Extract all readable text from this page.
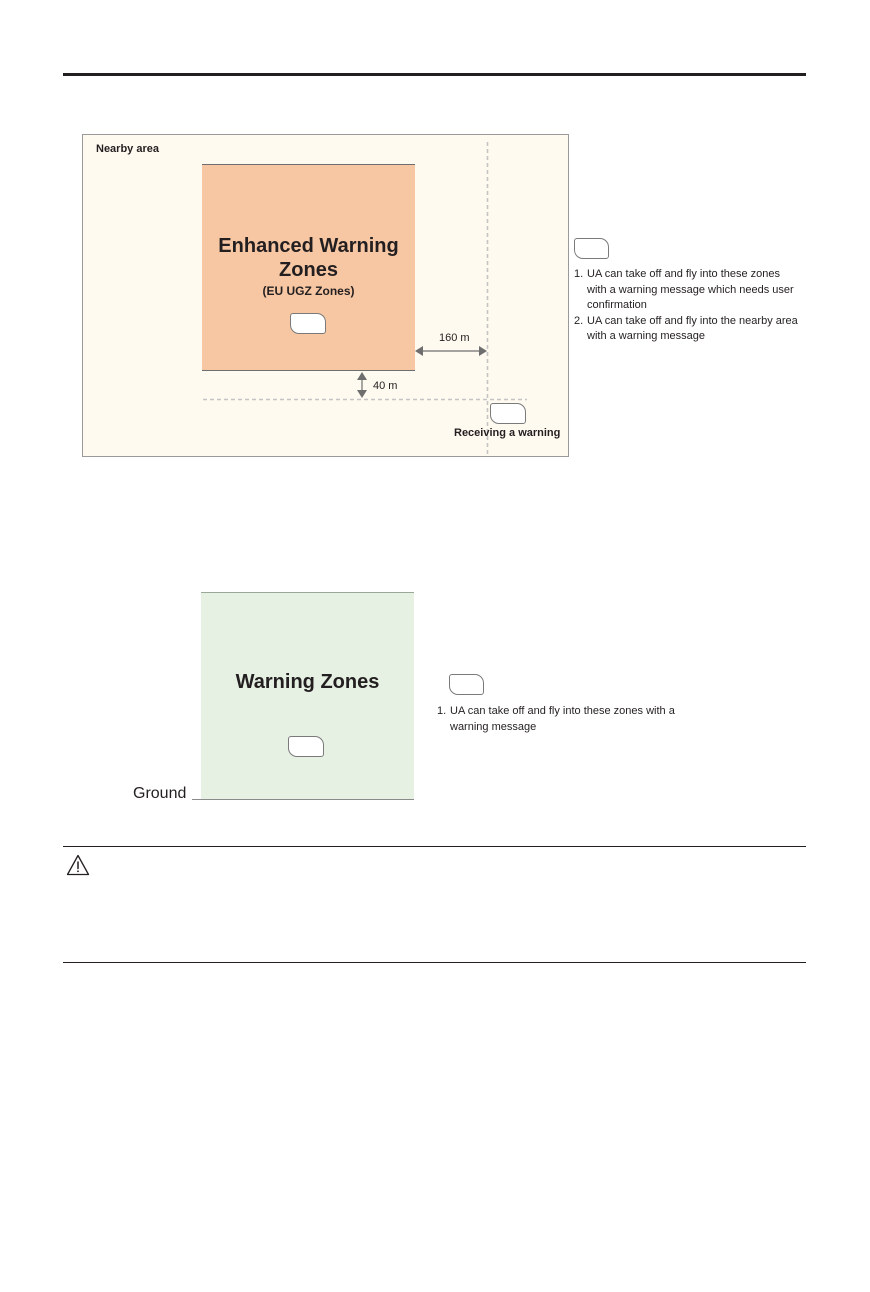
Nearby area
Enhanced Warning Zones
(EU UGZ Zones)
160 m
40 m
Receiving a warning
1. UA can take off and fly into these zones with a warning message which needs user confirmation
2. UA can take off and fly into the nearby area with a warning message
Warning Zones
Ground
1. UA can take off and fly into these zones with a warning message
